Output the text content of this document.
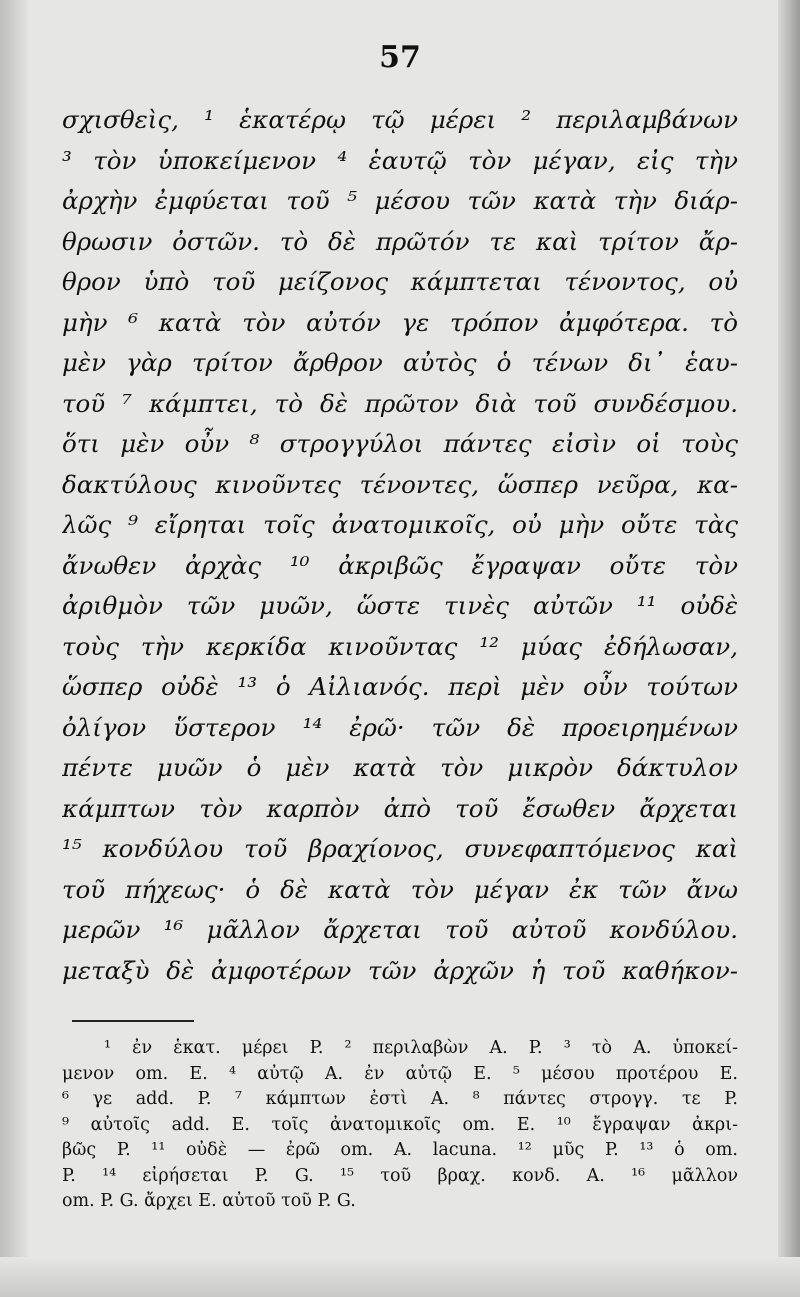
57
σχισθεὶς, ¹ ἑκατέρῳ τῷ μέρει ² περιλαμβάνων
³ τὸν ὑποκείμενον ⁴ ἑαυτῷ τὸν μέγαν, εἰς τὴν
ἀρχὴν ἐμφύεται τοῦ ⁵ μέσου τῶν κατὰ τὴν διάρ-
θρωσιν ὀστῶν. τὸ δὲ πρῶτόν τε καὶ τρίτον ἄρ-
θρον ὑπὸ τοῦ μείζονος κάμπτεται τένοντος, οὐ
μὴν ⁶ κατὰ τὸν αὐτόν γε τρόπον ἀμφότερα. τὸ
μὲν γὰρ τρίτον ἄρθρον αὐτὸς ὁ τένων δι᾽ ἑαυ-
τοῦ ⁷ κάμπτει, τὸ δὲ πρῶτον διὰ τοῦ συνδέσμου.
ὅτι μὲν οὖν ⁸ στρογγύλοι πάντες εἰσὶν οἱ τοὺς
δακτύλους κινοῦντες τένοντες, ὥσπερ νεῦρα, κα-
λῶς ⁹ εἴρηται τοῖς ἀνατομικοῖς, οὐ μὴν οὔτε τὰς
ἄνωθεν ἀρχὰς ¹⁰ ἀκριβῶς ἔγραψαν οὔτε τὸν
ἀριθμὸν τῶν μυῶν, ὥστε τινὲς αὐτῶν ¹¹ οὐδὲ
τοὺς τὴν κερκίδα κινοῦντας ¹² μύας ἐδήλωσαν,
ὥσπερ οὐδὲ ¹³ ὁ Αἰλιανός. περὶ μὲν οὖν τούτων
ὀλίγον ὕστερον ¹⁴ ἐρῶ· τῶν δὲ προειρημένων
πέντε μυῶν ὁ μὲν κατὰ τὸν μικρὸν δάκτυλον
κάμπτων τὸν καρπὸν ἀπὸ τοῦ ἔσωθεν ἄρχεται
¹⁵ κονδύλου τοῦ βραχίονος, συνεφαπτόμενος καὶ
τοῦ πήχεως· ὁ δὲ κατὰ τὸν μέγαν ἐκ τῶν ἄνω
μερῶν ¹⁶ μᾶλλον ἄρχεται τοῦ αὐτοῦ κονδύλου.
μεταξὺ δὲ ἀμφοτέρων τῶν ἀρχῶν ἡ τοῦ καθήκον-
¹ ἐν ἑκατ. μέρει P. ² περιλαβὼν A. P. ³ τὸ A. ὑποκεί-
μενον om. E. ⁴ αὐτῷ A. ἐν αὐτῷ E. ⁵ μέσου προτέρου E.
⁶ γε add. P. ⁷ κάμπτων ἐστὶ A. ⁸ πάντες στρογγ. τε P.
⁹ αὐτοῖς add. E. τοῖς ἀνατομικοῖς om. E. ¹⁰ ἔγραψαν ἀκρι-
βῶς P. ¹¹ οὐδὲ — ἐρῶ om. A. lacuna. ¹² μῦς P. ¹³ ὁ om.
P. ¹⁴ εἰρήσεται P. G. ¹⁵ τοῦ βραχ. κονδ. A. ¹⁶ μᾶλλον
om. P. G. ἄρχει E. αὐτοῦ τοῦ P. G.
